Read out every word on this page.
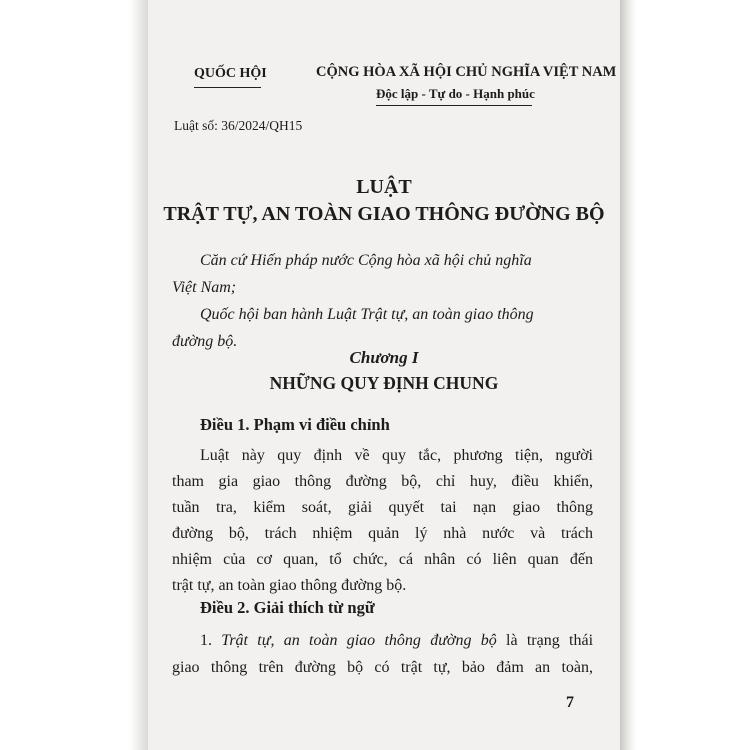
QUỐC HỘI	CỘNG HÒA XÃ HỘI CHỦ NGHĨA VIỆT NAM
Độc lập - Tự do - Hạnh phúc
Luật số: 36/2024/QH15
LUẬT
TRẬT TỰ, AN TOÀN GIAO THÔNG ĐƯỜNG BỘ
Căn cứ Hiến pháp nước Cộng hòa xã hội chủ nghĩa
Việt Nam;
Quốc hội ban hành Luật Trật tự, an toàn giao thông
đường bộ.
Chương I
NHỮNG QUY ĐỊNH CHUNG
Điều 1. Phạm vi điều chỉnh
Luật này quy định về quy tắc, phương tiện, người
tham gia giao thông đường bộ, chỉ huy, điều khiển,
tuần tra, kiểm soát, giải quyết tai nạn giao thông
đường bộ, trách nhiệm quản lý nhà nước và trách
nhiệm của cơ quan, tổ chức, cá nhân có liên quan đến
Điều 2. Giải thích từ ngữ
1. Trật tự, an toàn giao thông đường bộ là trạng thái
giao thông trên đường bộ có trật tự, bảo đảm an toàn,
7
trật tự, an toàn giao thông đường bộ.
